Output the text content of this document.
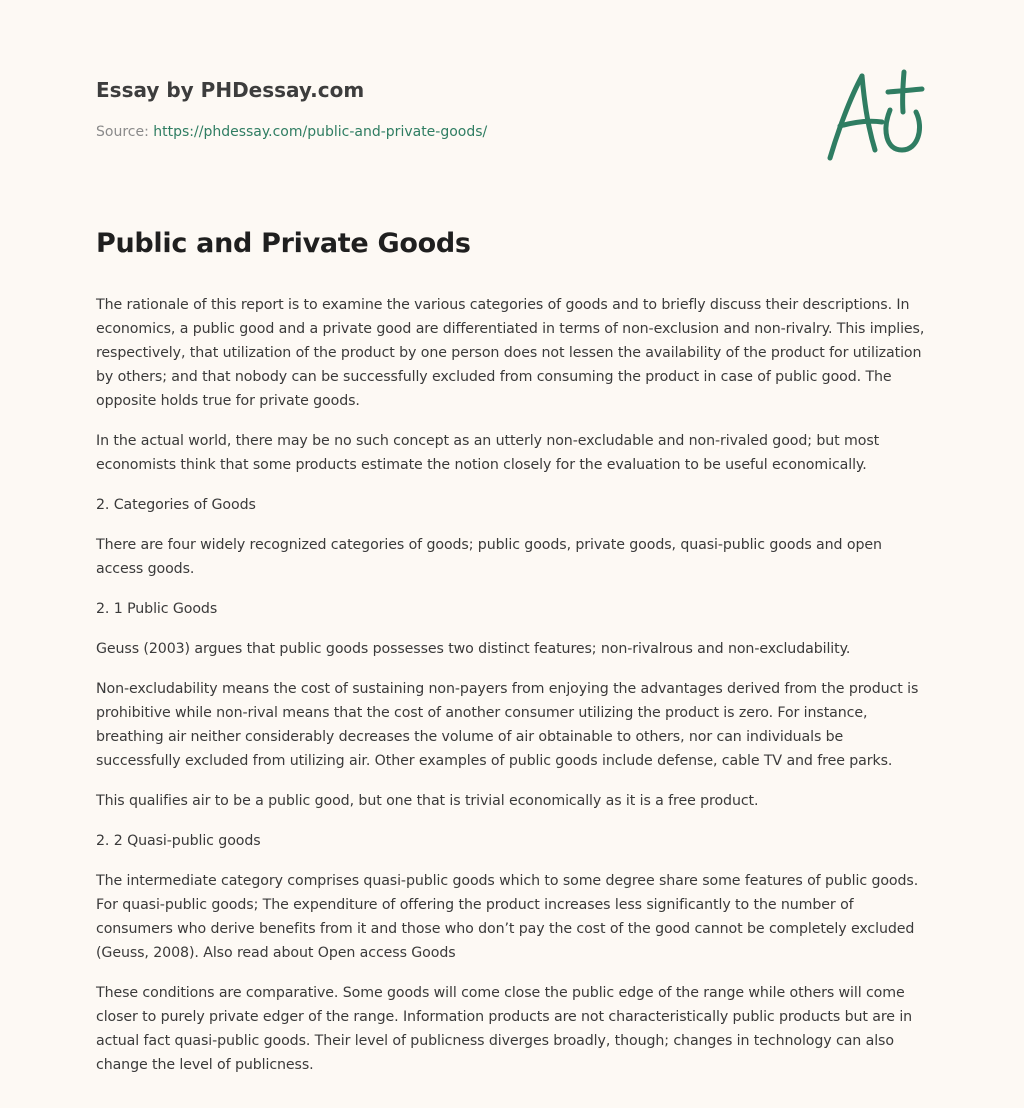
Essay by PHDessay.com
Source: https://phdessay.com/public-and-private-goods/
Public and Private Goods

The rationale of this report is to examine the various categories of goods and to briefly discuss their descriptions. In economics, a public good and a private good are differentiated in terms of non-exclusion and non-rivalry. This implies, respectively, that utilization of the product by one person does not lessen the availability of the product for utilization by others; and that nobody can be successfully excluded from consuming the product in case of public good. The opposite holds true for private goods.

In the actual world, there may be no such concept as an utterly non-excludable and non-rivaled good; but most economists think that some products estimate the notion closely for the evaluation to be useful economically.

2. Categories of Goods

There are four widely recognized categories of goods; public goods, private goods, quasi-public goods and open access goods.

2. 1 Public Goods

Geuss (2003) argues that public goods possesses two distinct features; non-rivalrous and non-excludability.

Non-excludability means the cost of sustaining non-payers from enjoying the advantages derived from the product is prohibitive while non-rival means that the cost of another consumer utilizing the product is zero. For instance, breathing air neither considerably decreases the volume of air obtainable to others, nor can individuals be successfully excluded from utilizing air. Other examples of public goods include defense, cable TV and free parks.

This qualifies air to be a public good, but one that is trivial economically as it is a free product.

2. 2 Quasi-public goods

The intermediate category comprises quasi-public goods which to some degree share some features of public goods. For quasi-public goods; The expenditure of offering the product increases less significantly to the number of consumers who derive benefits from it and those who don’t pay the cost of the good cannot be completely excluded (Geuss, 2008). Also read about Open access Goods

These conditions are comparative. Some goods will come close the public edge of the range while others will come closer to purely private edger of the range. Information products are not characteristically public products but are in actual fact quasi-public goods. Their level of publicness diverges broadly, though; changes in technology can also change the level of publicness.
